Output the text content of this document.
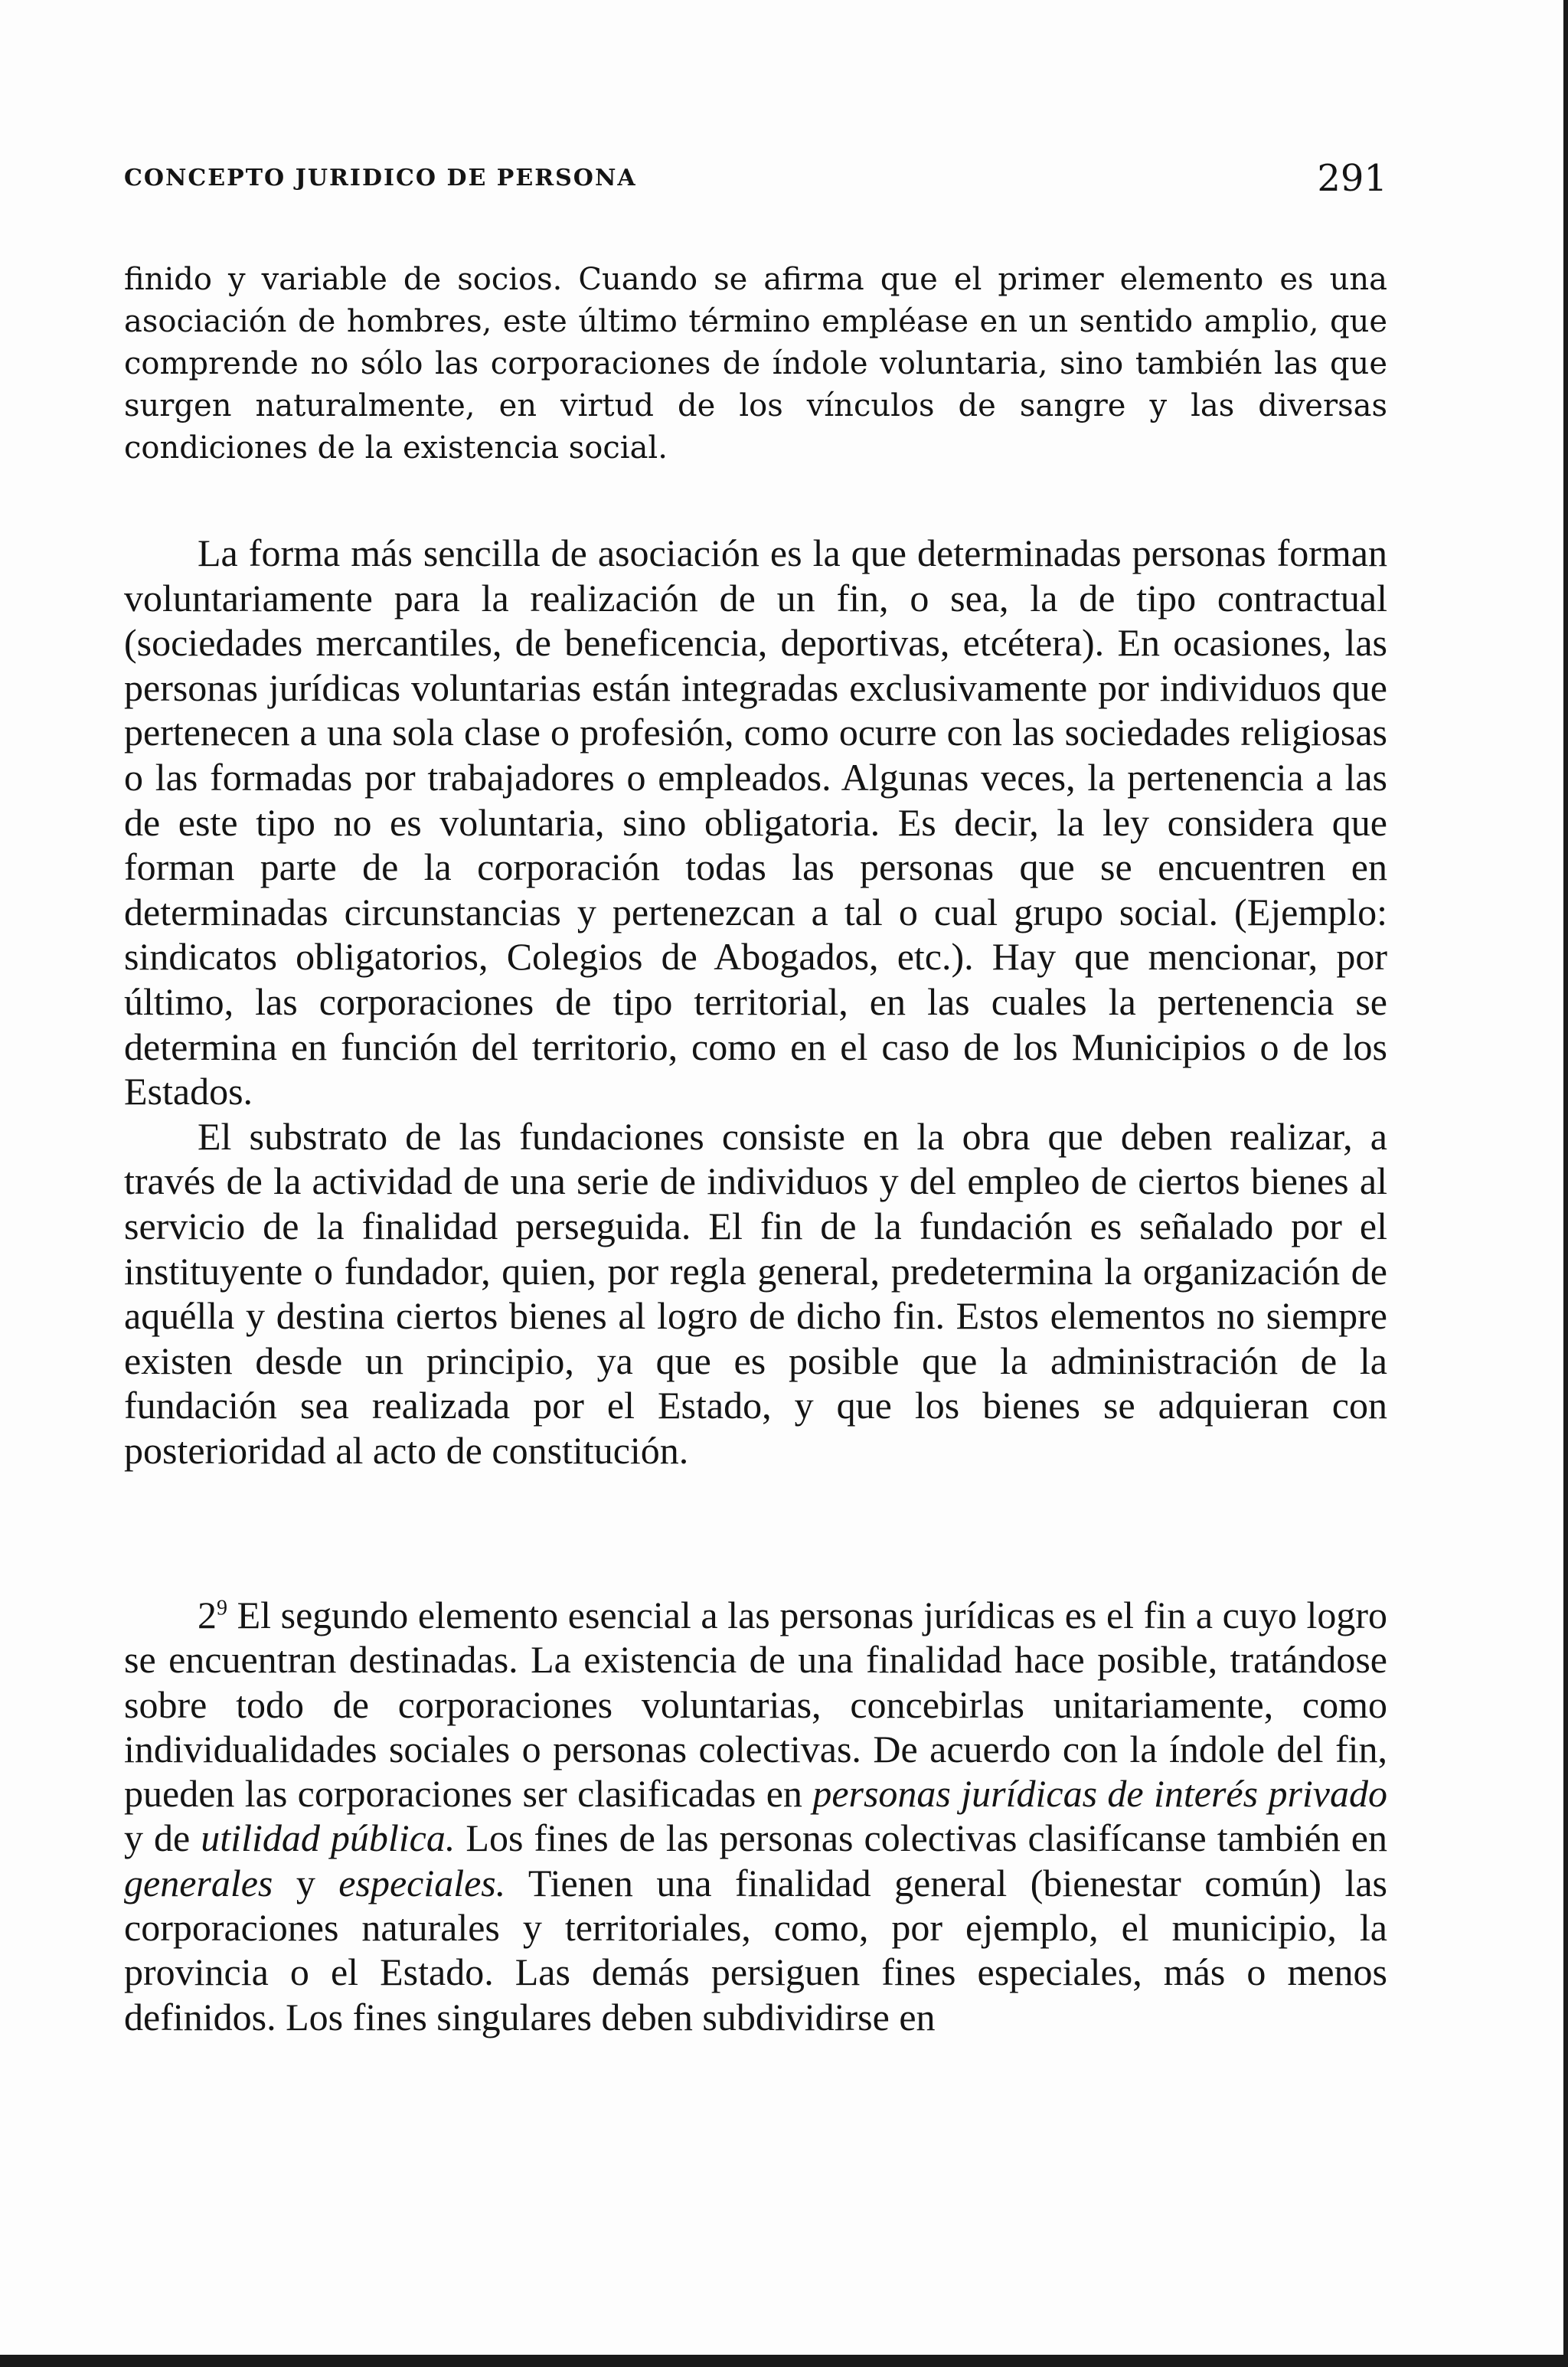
CONCEPTO JURIDICO DE PERSONA	291

finido y variable de socios. Cuando se afirma que el primer elemento es una asociación de hombres, este último término empléase en un sentido amplio, que comprende no sólo las corporaciones de índole voluntaria, sino también las que surgen naturalmente, en virtud de los vínculos de sangre y las diversas condiciones de la existencia social.

La forma más sencilla de asociación es la que determinadas personas forman voluntariamente para la realización de un fin, o sea, la de tipo contractual (sociedades mercantiles, de beneficencia, deportivas, etcétera). En ocasiones, las personas jurídicas voluntarias están integradas exclusivamente por individuos que pertenecen a una sola clase o profesión, como ocurre con las sociedades religiosas o las formadas por trabajadores o empleados. Algunas veces, la pertenencia a las de este tipo no es voluntaria, sino obligatoria. Es decir, la ley considera que forman parte de la corporación todas las personas que se encuentren en determinadas circunstancias y pertenezcan a tal o cual grupo social. (Ejemplo: sindicatos obligatorios, Colegios de Abogados, etc.). Hay que mencionar, por último, las corporaciones de tipo territorial, en las cuales la pertenencia se determina en función del territorio, como en el caso de los Municipios o de los Estados.

El substrato de las fundaciones consiste en la obra que deben realizar, a través de la actividad de una serie de individuos y del empleo de ciertos bienes al servicio de la finalidad perseguida. El fin de la fundación es señalado por el instituyente o fundador, quien, por regla general, predetermina la organización de aquélla y destina ciertos bienes al logro de dicho fin. Estos elementos no siempre existen desde un principio, ya que es posible que la administración de la fundación sea realizada por el Estado, y que los bienes se adquieran con posterioridad al acto de constitución.

$2^9$ El segundo elemento esencial a las personas jurídicas es el fin a cuyo logro se encuentran destinadas. La existencia de una finalidad hace posible, tratándose sobre todo de corporaciones voluntarias, concebirlas unitariamente, como individualidades sociales o personas colectivas. De acuerdo con la índole del fin, pueden las corporaciones ser clasificadas en personas jurídicas de interés privado y de utilidad pública. Los fines de las personas colectivas clasifícanse también en generales y especiales. Tienen una finalidad general (bienestar común) las corporaciones naturales y territoriales, como, por ejemplo, el municipio, la provincia o el Estado. Las demás persiguen fines especiales, más o menos definidos. Los fines singulares deben subdividirse en
